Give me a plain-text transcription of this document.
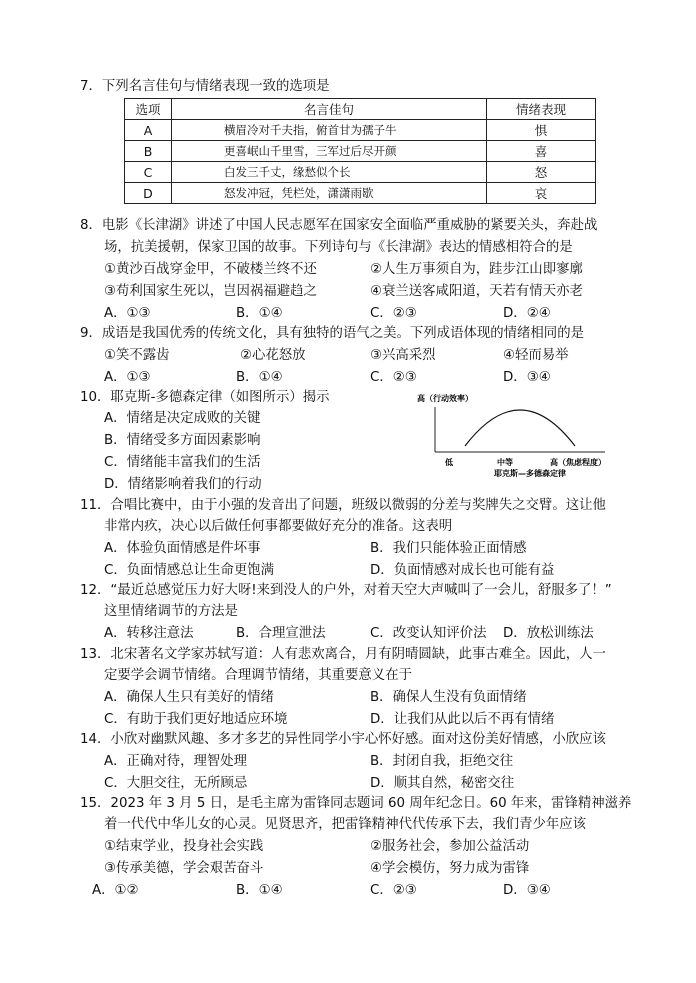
7．下列名言佳句与情绪表现一致的选项是
选项	名言佳句	情绪表现
A	横眉冷对千夫指，俯首甘为孺子牛	惧
B	更喜岷山千里雪，三军过后尽开颜	喜
C	白发三千丈，缘愁似个长	怒
D	怒发冲冠，凭栏处，潇潇雨歇	哀
8．电影《长津湖》讲述了中国人民志愿军在国家安全面临严重威胁的紧要关头，奔赴战
场，抗美援朝，保家卫国的故事。下列诗句与《长津湖》表达的情感相符合的是
①黄沙百战穿金甲，不破楼兰终不还	②人生万事须自为，跬步江山即寥廓
③苟利国家生死以，岂因祸福避趋之	④衰兰送客咸阳道，天若有情天亦老
A．①③	B．①④	C．②③	D．②④
9．成语是我国优秀的传统文化，具有独特的语气之美。下列成语体现的情绪相同的是
①笑不露齿	②心花怒放	③兴高采烈	④轻而易举
A．①③	B．①④	C．②③	D．③④
10．耶克斯-多德森定律（如图所示）揭示
A．情绪是决定成败的关键
B．情绪受多方面因素影响
C．情绪能丰富我们的生活
D．情绪影响着我们的行动
高（行动效率）
低	中等	高（焦虑程度）
耶克斯—多德森定律
11．合唱比赛中，由于小强的发音出了问题，班级以微弱的分差与奖牌失之交臂。这让他
非常内疚，决心以后做任何事都要做好充分的准备。这表明
A．体验负面情感是件坏事	B．我们只能体验正面情感
C．负面情感总让生命更饱满	D．负面情感对成长也可能有益
12．“最近总感觉压力好大呀!来到没人的户外，对着天空大声喊叫了一会儿，舒服多了！”
这里情绪调节的方法是
A．转移注意法	B．合理宣泄法	C．改变认知评价法 D．放松训练法
13．北宋著名文学家苏轼写道：人有悲欢离合，月有阴晴圆缺，此事古难全。因此，人一
定要学会调节情绪。合理调节情绪，其重要意义在于
A．确保人生只有美好的情绪	B．确保人生没有负面情绪
C．有助于我们更好地适应环境	D．让我们从此以后不再有情绪
14．小欣对幽默风趣、多才多艺的异性同学小宇心怀好感。面对这份美好情感，小欣应该
A．正确对待，理智处理	B．封闭自我，拒绝交往
C．大胆交往，无所顾忌	D．顺其自然，秘密交往
15．2023 年 3 月 5 日，是毛主席为雷锋同志题词 60 周年纪念日。60 年来，雷锋精神滋养
着一代代中华儿女的心灵。见贤思齐，把雷锋精神代代传承下去，我们青少年应该
①结束学业，投身社会实践	②服务社会，参加公益活动
③传承美德，学会艰苦奋斗	④学会模仿，努力成为雷锋
A．①②	B．①④	C．②③	D．③④
